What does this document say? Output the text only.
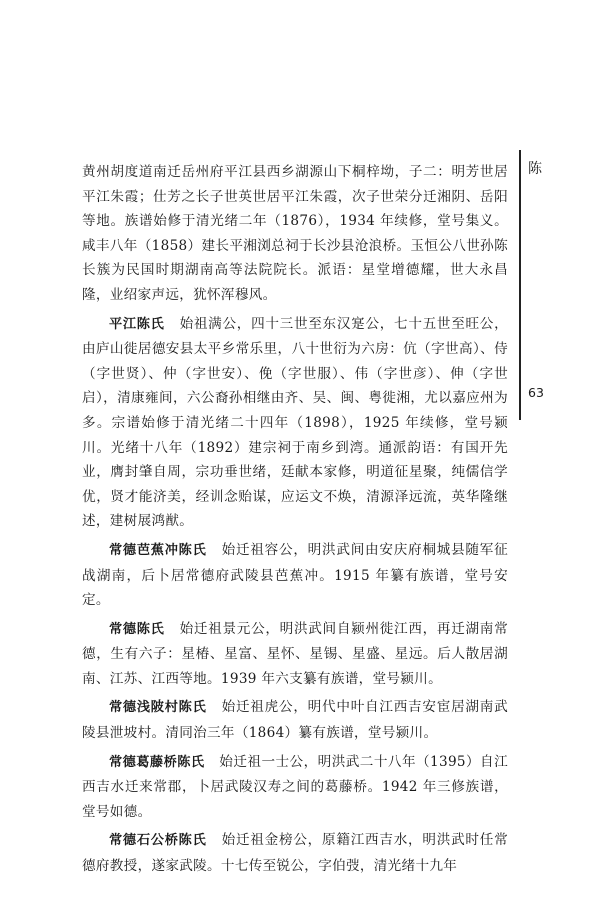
陈
63

黄州胡度道南迁岳州府平江县西乡湖源山下桐梓坳，子二：明芳世居平江朱霞；仕芳之长子世英世居平江朱霞，次子世荣分迁湘阴、岳阳等地。族谱始修于清光绪二年（1876），1934 年续修，堂号集义。咸丰八年（1858）建长平湘浏总祠于长沙县沧浪桥。玉恒公八世孙陈长簇为民国时期湖南高等法院院长。派语：星堂增德耀，世大永昌隆，业绍家声远，犹怀浑穆风。

平江陈氏 始祖满公，四十三世至东汉寔公，七十五世至旺公，由庐山徙居德安县太平乡常乐里，八十世衍为六房：伉（字世高）、侍（字世贤）、仲（字世安）、俛（字世服）、伟（字世彦）、伸（字世启），清康雍间，六公裔孙相继由齐、吴、闽、粤徙湘，尤以嘉应州为多。宗谱始修于清光绪二十四年（1898），1925 年续修，堂号颍川。光绪十八年（1892）建宗祠于南乡到湾。通派韵语：有国开先业，膺封肇自周，宗功垂世绪，廷献本家修，明道征星聚，纯儒信学优，贤才能济美，经训念贻谋，应运文不焕，清源泽远流，英华隆继述，建树展鸿猷。

常德芭蕉冲陈氏 始迁祖容公，明洪武间由安庆府桐城县随军征战湖南，后卜居常德府武陵县芭蕉冲。1915 年纂有族谱，堂号安定。

常德陈氏 始迁祖景元公，明洪武间自颍州徙江西，再迁湖南常德，生有六子：星椿、星富、星怀、星锡、星盛、星远。后人散居湖南、江苏、江西等地。1939 年六支纂有族谱，堂号颍川。

常德浅陂村陈氏 始迁祖虎公，明代中叶自江西吉安宦居湖南武陵县泄坡村。清同治三年（1864）纂有族谱，堂号颍川。

常德葛藤桥陈氏 始迁祖一士公，明洪武二十八年（1395）自江西吉水迁来常郡，卜居武陵汉寿之间的葛藤桥。1942 年三修族谱，堂号如德。

常德石公桥陈氏 始迁祖金榜公，原籍江西吉水，明洪武时任常德府教授，遂家武陵。十七传至锐公，字伯弢，清光绪十九年
